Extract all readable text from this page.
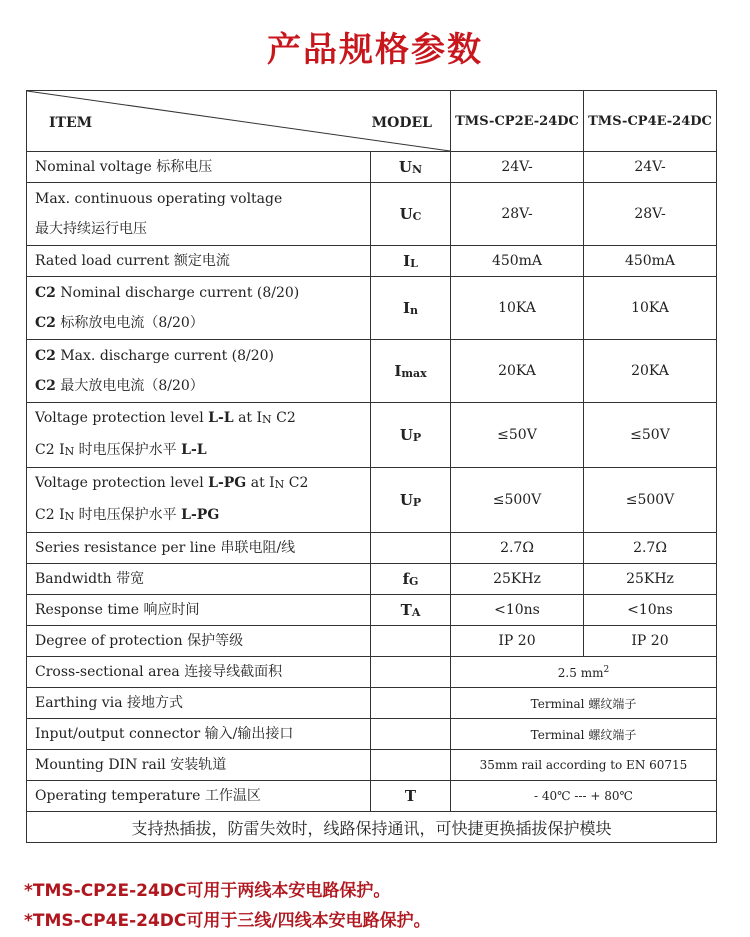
产品规格参数
ITEM MODEL		TMS-CP2E-24DC	TMS-CP4E-24DC
Nominal voltage 标称电压	$U_N$	24V-	24V-

Max. continuous operating voltage
最大持续运行电压	$U_C$	28V-	28V-
Rated load current 额定电流	$I_L$	450mA	450mA

C2 Nominal discharge current (8/20)
C2 标称放电电流（8/20）	$I_n$	10KA	10KA

C2 Max. discharge current (8/20)
C2 最大放电电流（8/20）	$I_{max}$	20KA	20KA

Voltage protection level L-L at $I_N$ C2
C2 $I_N$ 时电压保护水平 L-L	$U_P$	≤50V	≤50V

Voltage protection level L-PG at $I_N$ C2
C2 $I_N$ 时电压保护水平 L-PG	$U_P$	≤500V	≤500V
Series resistance per line 串联电阻/线		2.7Ω	2.7Ω
Bandwidth 带宽	$f_G$	25KHz	25KHz
Response time 响应时间	$T_A$	<10ns	<10ns
Degree of protection 保护等级		IP 20	IP 20
Cross-sectional area 连接导线截面积		2.5 $mm^2$
Earthing via 接地方式		Terminal 螺纹端子	
Input/output connector 输入/输出接口		Terminal 螺纹端子	
Mounting DIN rail 安装轨道		35mm rail according to EN 60715	
Operating temperature 工作温区	T	- 40℃ --- + 80℃	
支持热插拔，防雷失效时，线路保持通讯，可快捷更换插拔保护模块			
*TMS-CP2E-24DC可用于两线本安电路保护。
*TMS-CP4E-24DC可用于三线/四线本安电路保护。
